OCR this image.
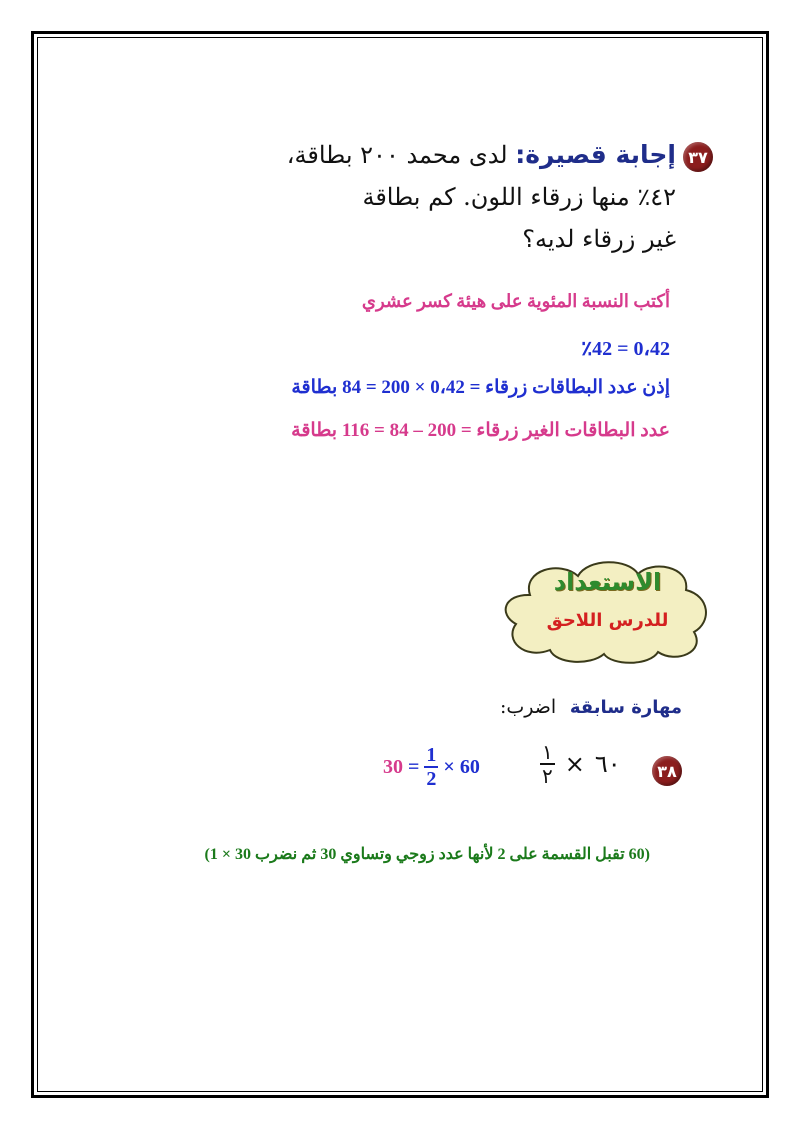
٣٧
إجابة قصيرة: لدى محمد ٢٠٠ بطاقة،
٤٢٪ منها زرقاء اللون. كم بطاقة
غير زرقاء لديه؟
أكتب النسبة المئوية على هيئة كسر عشري
0،42 = ٪42
إذن عدد البطاقات زرقاء = 0،42 × 200 = 84 بطاقة
عدد البطاقات الغير زرقاء = 200 – 84 = 116 بطاقة
الاستعداد
للدرس اللاحق
مهارة سابقة اضرب:
٣٨
$\frac{١}{٢}$ × ٦٠
$30 = \frac{1}{2} \times 60$
(60 تقبل القسمة على 2 لأنها عدد زوجي وتساوي 30 ثم نضرب 30 × 1)
